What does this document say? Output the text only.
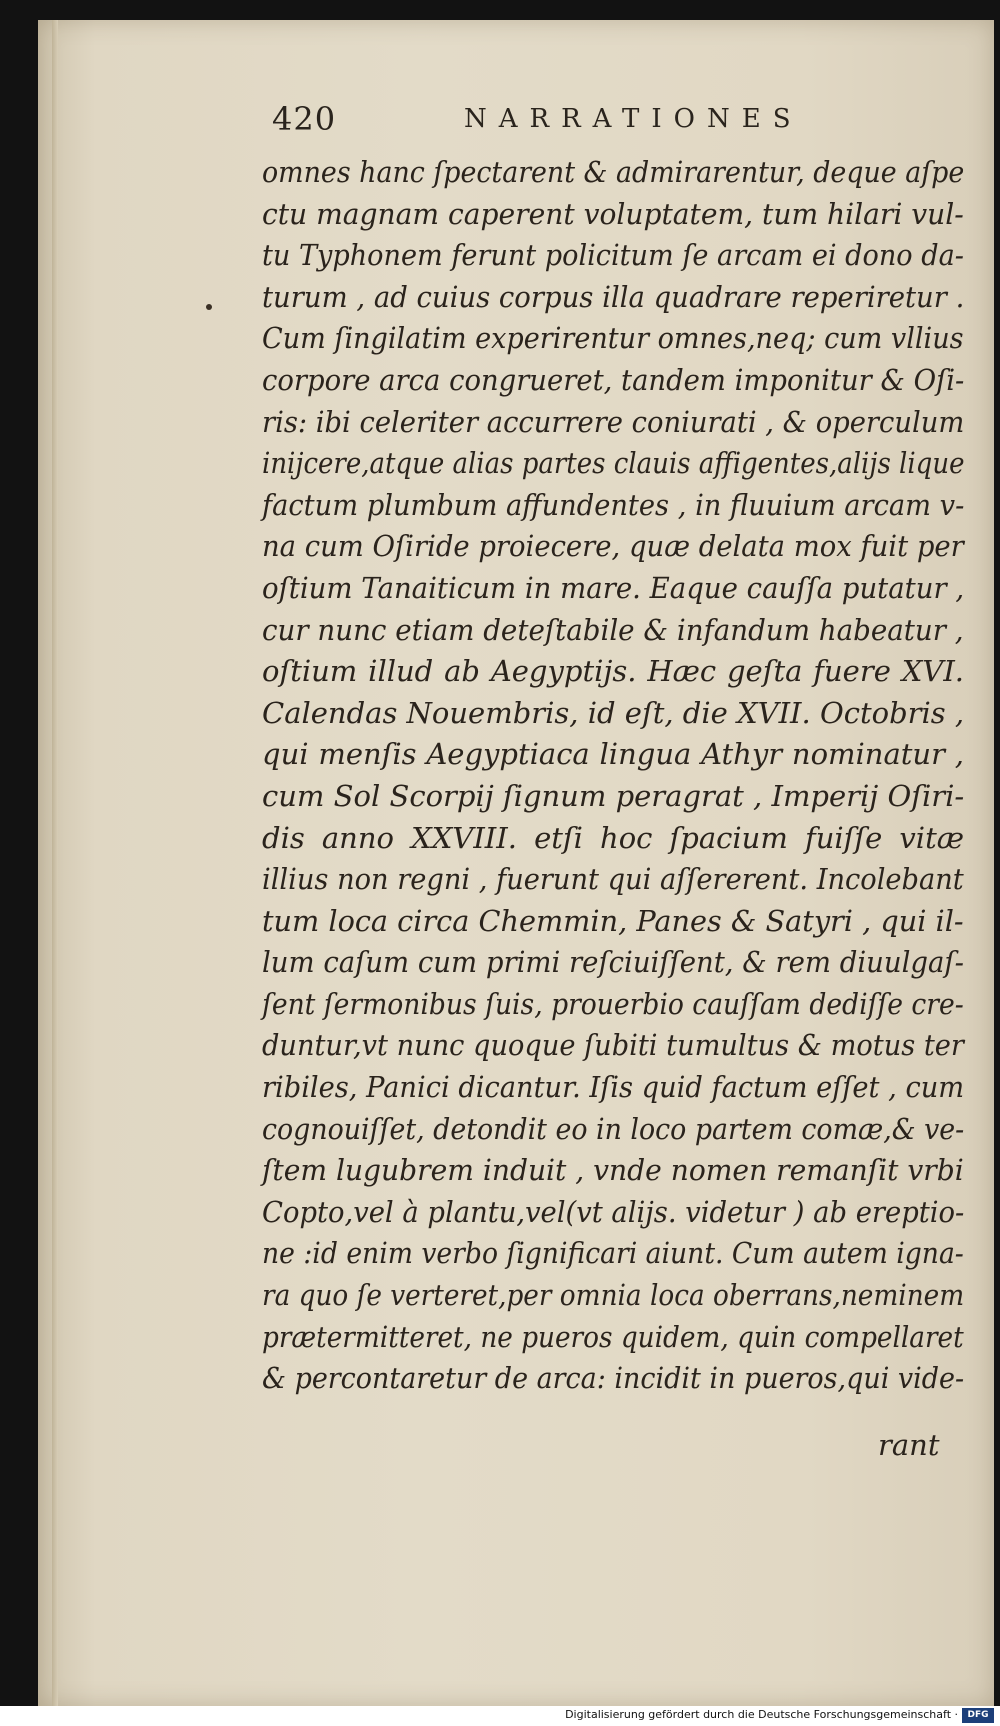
420	NARRATIONES
omnes hanc ſpectarent & admirarentur, deque aſpe
ctu magnam caperent voluptatem, tum hilari vul-
tu Typhonem ferunt policitum ſe arcam ei dono da-
turum , ad cuius corpus illa quadrare reperiretur .
Cum ſingilatim experirentur omnes,neq; cum vllius
corpore arca congrueret, tandem imponitur & Oſi-
ris: ibi celeriter accurrere coniurati , & operculum
inijcere,atque alias partes clauis affigentes,alijs lique
factum plumbum affundentes , in fluuium arcam v-
na cum Oſiride proiecere, quæ delata mox fuit per
oſtium Tanaiticum in mare. Eaque cauſſa putatur ,
cur nunc etiam deteſtabile & infandum habeatur ,
oſtium illud ab Aegyptijs. Hæc geſta fuere XVI.
Calendas Nouembris, id eſt, die XVII. Octobris ,
qui menſis Aegyptiaca lingua Athyr nominatur ,
cum Sol Scorpij ſignum peragrat , Imperij Oſiri-
dis anno XXVIII. etſi hoc ſpacium fuiſſe vitæ
illius non regni , fuerunt qui aſſererent. Incolebant
tum loca circa Chemmin, Panes & Satyri , qui il-
lum caſum cum primi reſciuiſſent, & rem diuulgaſ-
ſent ſermonibus ſuis, prouerbio cauſſam dediſſe cre-
duntur,vt nunc quoque ſubiti tumultus & motus ter
ribiles, Panici dicantur. Iſis quid factum eſſet , cum
cognouiſſet, detondit eo in loco partem comæ,& ve-
ſtem lugubrem induit , vnde nomen remanſit vrbi
Copto,vel à plantu,vel(vt alijs. videtur ) ab ereptio-
ne :id enim verbo ſignificari aiunt. Cum autem igna-
ra quo ſe verteret,per omnia loca oberrans,neminem
prætermitteret, ne pueros quidem, quin compellaret
& percontaretur de arca: incidit in pueros,qui vide-
rant
Digitalisierung gefördert durch die Deutsche Forschungsgemeinschaft ·	DFG
